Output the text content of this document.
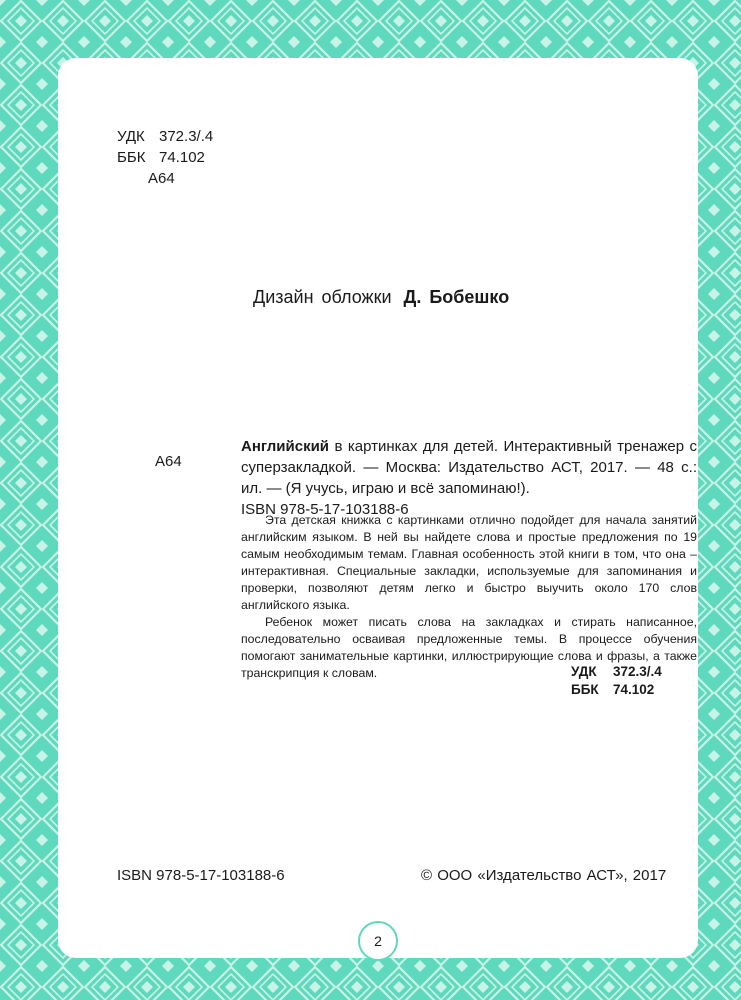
УДК 372.3/.4
ББК 74.102
А64
Дизайн обложки Д. Бобешко
А64

Английский в картинках для детей. Интерактивный тренажер с суперзакладкой. — Москва: Издательство АСТ, 2017. — 48 с.: ил. — (Я учусь, играю и всё запоминаю!).

ISBN 978-5-17-103188-6

Эта детская книжка с картинками отлично подойдет для начала занятий английским языком. В ней вы найдете слова и простые предложения по 19 самым необходимым темам. Главная особенность этой книги в том, что она – интерактивная. Специальные закладки, используемые для запоминания и проверки, позволяют детям легко и быстро выучить около 170 слов английского языка.

Ребенок может писать слова на закладках и стирать написанное, последовательно осваивая предложенные темы. В процессе обучения помогают занимательные картинки, иллюстрирующие слова и фразы, а также транскрипция к словам.	УДК 372.3/.4
ББК 74.102
ISBN 978-5-17-103188-6	© ООО «Издательство АСТ», 2017
2
